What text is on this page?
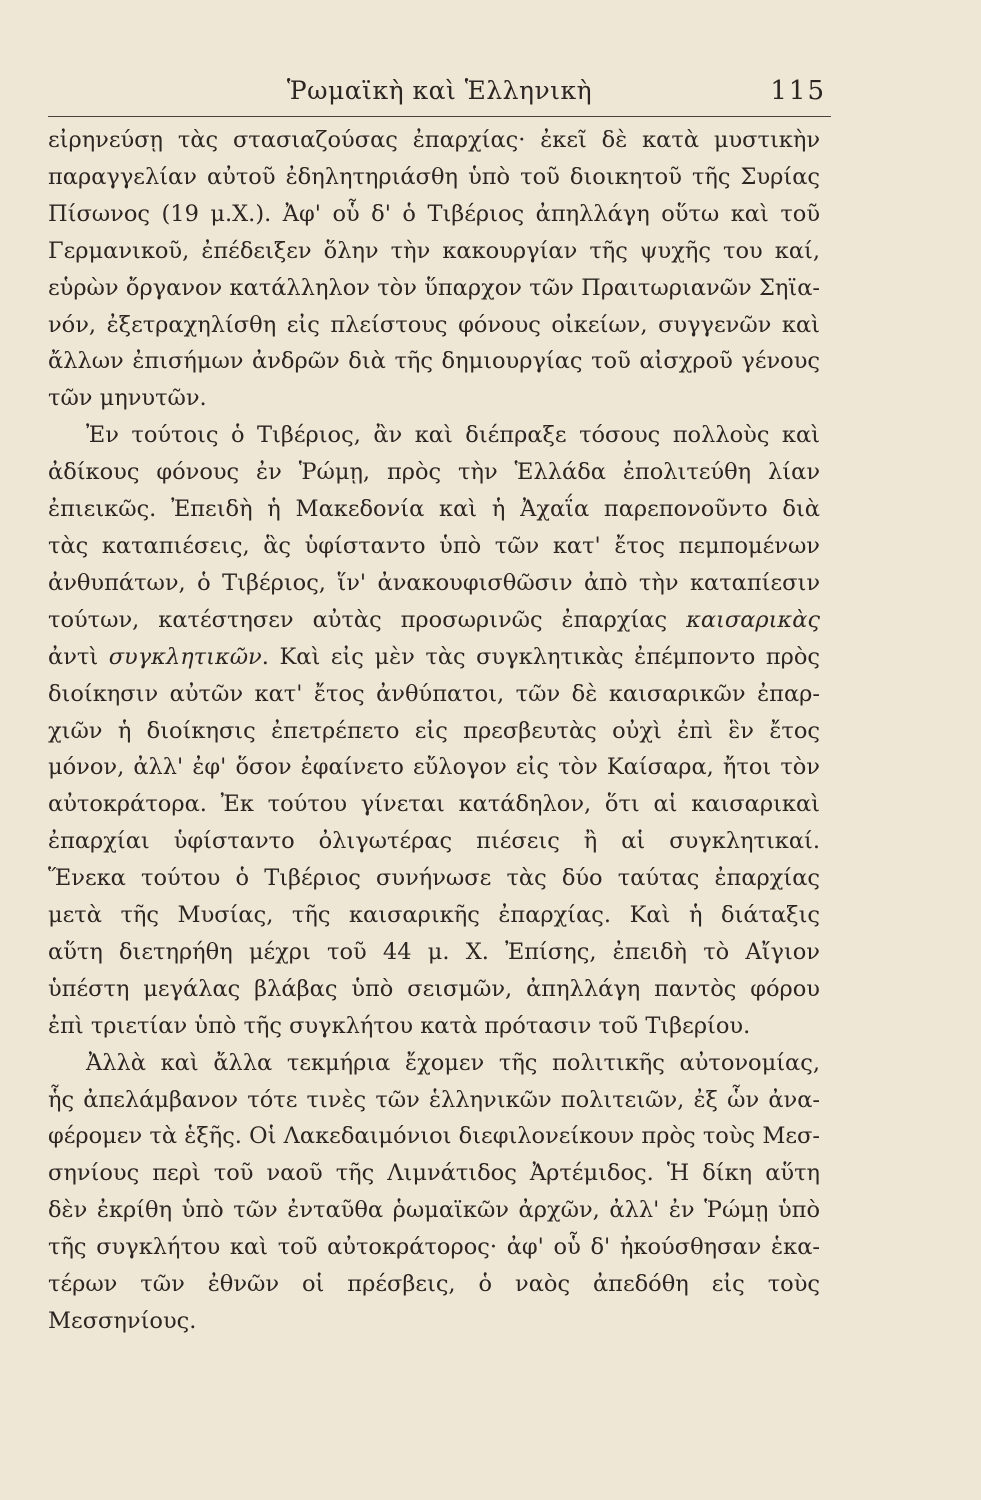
Ῥωμαϊκὴ καὶ Ἑλληνικὴ	115

εἰρηνεύσῃ τὰς στασιαζούσας ἐπαρχίας· ἐκεῖ δὲ κατὰ μυστικὴν

παραγγελίαν αὐτοῦ ἐδηλητηριάσθη ὑπὸ τοῦ διοικητοῦ τῆς Συρίας

Πίσωνος (19 μ.Χ.). Ἀφ' οὗ δ' ὁ Τιβέριος ἀπηλλάγη οὕτω καὶ τοῦ

Γερμανικοῦ, ἐπέδειξεν ὅλην τὴν κακουργίαν τῆς ψυχῆς του καί,

εὑρὼν ὄργανον κατάλληλον τὸν ὕπαρχον τῶν Πραιτωριανῶν Σηϊα-

νόν, ἐξετραχηλίσθη εἰς πλείστους φόνους οἰκείων, συγγενῶν καὶ

ἄλλων ἐπισήμων ἀνδρῶν διὰ τῆς δημιουργίας τοῦ αἰσχροῦ γένους

τῶν μηνυτῶν.

Ἐν τούτοις ὁ Τιβέριος, ἂν καὶ διέπραξε τόσους πολλοὺς καὶ

ἀδίκους φόνους ἐν Ῥώμῃ, πρὸς τὴν Ἑλλάδα ἐπολιτεύθη λίαν

ἐπιεικῶς. Ἐπειδὴ ἡ Μακεδονία καὶ ἡ Ἀχαΐα παρεπονοῦντο διὰ

τὰς καταπιέσεις, ἃς ὑφίσταντο ὑπὸ τῶν κατ' ἔτος πεμπομένων

ἀνθυπάτων, ὁ Τιβέριος, ἵν' ἀνακουφισθῶσιν ἀπὸ τὴν καταπίεσιν

τούτων, κατέστησεν αὐτὰς προσωρινῶς ἐπαρχίας καισαρικὰς

ἀντὶ συγκλητικῶν. Καὶ εἰς μὲν τὰς συγκλητικὰς ἐπέμποντο πρὸς

διοίκησιν αὐτῶν κατ' ἔτος ἀνθύπατοι, τῶν δὲ καισαρικῶν ἐπαρ-

χιῶν ἡ διοίκησις ἐπετρέπετο εἰς πρεσβευτὰς οὐχὶ ἐπὶ ἓν ἔτος

μόνον, ἀλλ' ἐφ' ὅσον ἐφαίνετο εὔλογον εἰς τὸν Καίσαρα, ἤτοι τὸν

αὐτοκράτορα. Ἐκ τούτου γίνεται κατάδηλον, ὅτι αἱ καισαρικαὶ

ἐπαρχίαι ὑφίσταντο ὀλιγωτέρας πιέσεις ἢ αἱ συγκλητικαί.

Ἕνεκα τούτου ὁ Τιβέριος συνήνωσε τὰς δύο ταύτας ἐπαρχίας

μετὰ τῆς Μυσίας, τῆς καισαρικῆς ἐπαρχίας. Καὶ ἡ διάταξις

αὕτη διετηρήθη μέχρι τοῦ 44 μ. Χ. Ἐπίσης, ἐπειδὴ τὸ Αἴγιον

ὑπέστη μεγάλας βλάβας ὑπὸ σεισμῶν, ἀπηλλάγη παντὸς φόρου

ἐπὶ τριετίαν ὑπὸ τῆς συγκλήτου κατὰ πρότασιν τοῦ Τιβερίου.

Ἀλλὰ καὶ ἄλλα τεκμήρια ἔχομεν τῆς πολιτικῆς αὐτονομίας,

ἧς ἀπελάμβανον τότε τινὲς τῶν ἑλληνικῶν πολιτειῶν, ἐξ ὧν ἀνα-

φέρομεν τὰ ἑξῆς. Οἱ Λακεδαιμόνιοι διεφιλονείκουν πρὸς τοὺς Μεσ-

σηνίους περὶ τοῦ ναοῦ τῆς Λιμνάτιδος Ἀρτέμιδος. Ἡ δίκη αὕτη

δὲν ἐκρίθη ὑπὸ τῶν ἐνταῦθα ῥωμαϊκῶν ἀρχῶν, ἀλλ' ἐν Ῥώμῃ ὑπὸ

τῆς συγκλήτου καὶ τοῦ αὐτοκράτορος· ἀφ' οὗ δ' ἠκούσθησαν ἑκα-

τέρων τῶν ἐθνῶν οἱ πρέσβεις, ὁ ναὸς ἀπεδόθη εἰς τοὺς Μεσσηνίους.
